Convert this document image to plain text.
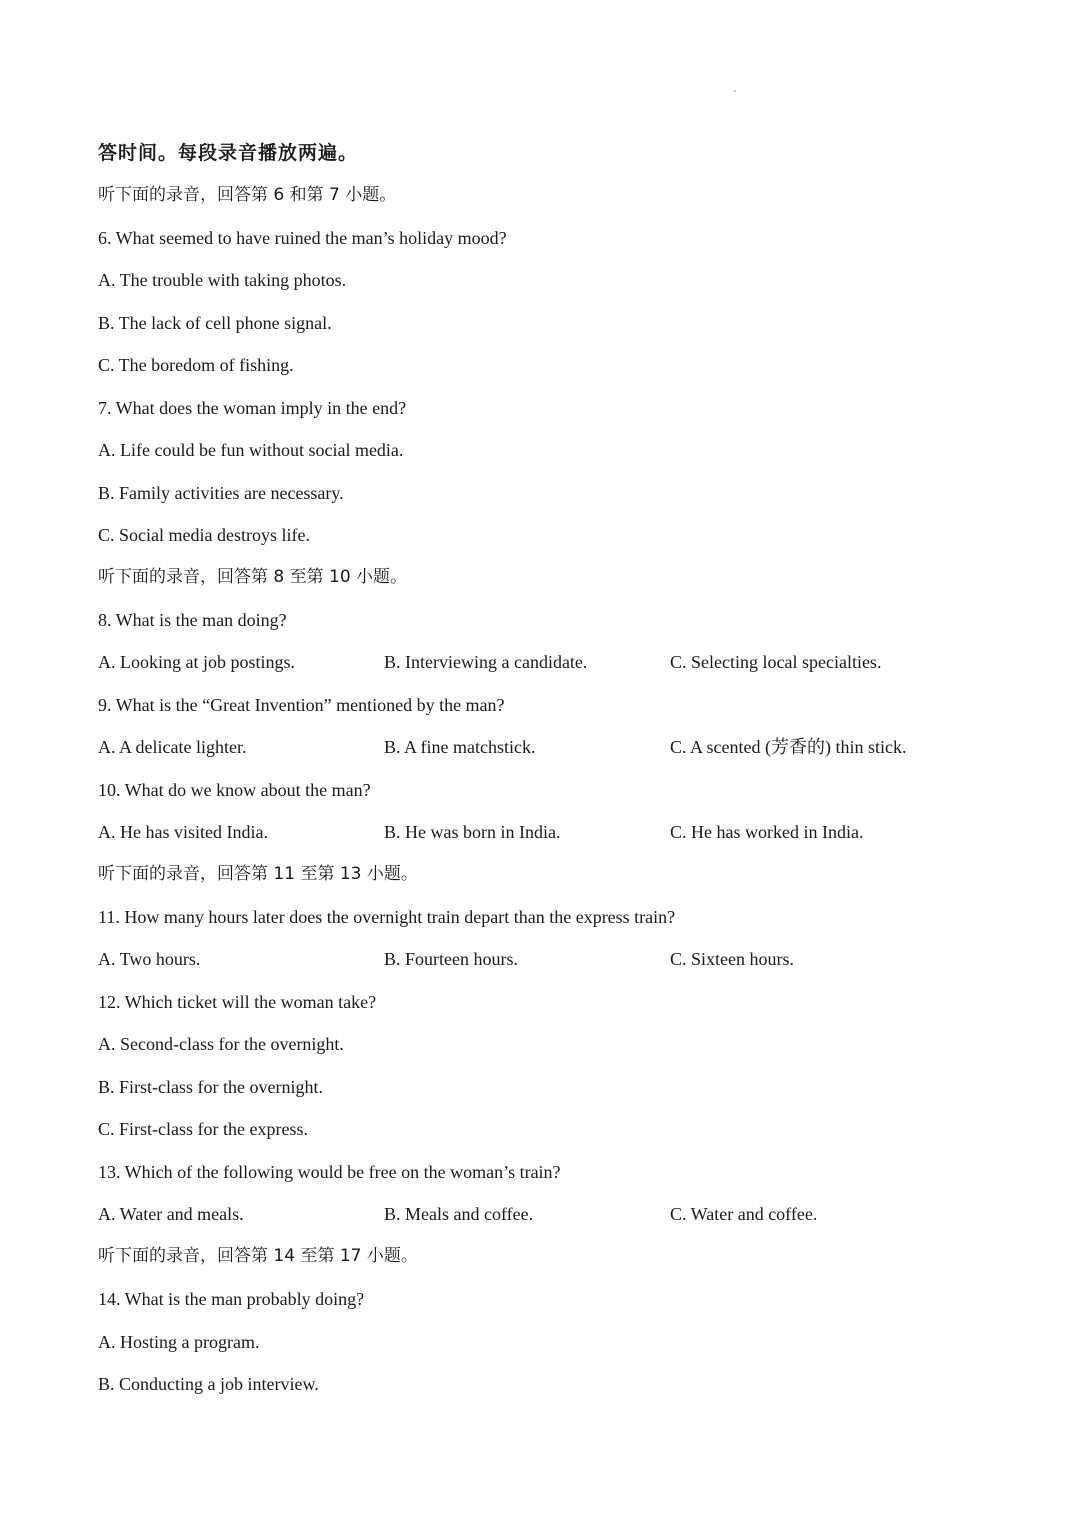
答时间。每段录音播放两遍。
听下面的录音，回答第 6 和第 7 小题。
6. What seemed to have ruined the man’s holiday mood?
A. The trouble with taking photos.
B. The lack of cell phone signal.
C. The boredom of fishing.
7. What does the woman imply in the end?
A. Life could be fun without social media.
B. Family activities are necessary.
C. Social media destroys life.
听下面的录音，回答第 8 至第 10 小题。
8. What is the man doing?
A. Looking at job postings.	B. Interviewing a candidate.	C. Selecting local specialties.
9. What is the “Great Invention” mentioned by the man?
A. A delicate lighter.	B. A fine matchstick.	C. A scented (芳香的) thin stick.
10. What do we know about the man?
A. He has visited India.	B. He was born in India.	C. He has worked in India.
听下面的录音，回答第 11 至第 13 小题。
11. How many hours later does the overnight train depart than the express train?
A. Two hours.	B. Fourteen hours.	C. Sixteen hours.
12. Which ticket will the woman take?
A. Second-class for the overnight.
B. First-class for the overnight.
C. First-class for the express.
13. Which of the following would be free on the woman’s train?
A. Water and meals.	B. Meals and coffee.	C. Water and coffee.
听下面的录音，回答第 14 至第 17 小题。
14. What is the man probably doing?
A. Hosting a program.
B. Conducting a job interview.
